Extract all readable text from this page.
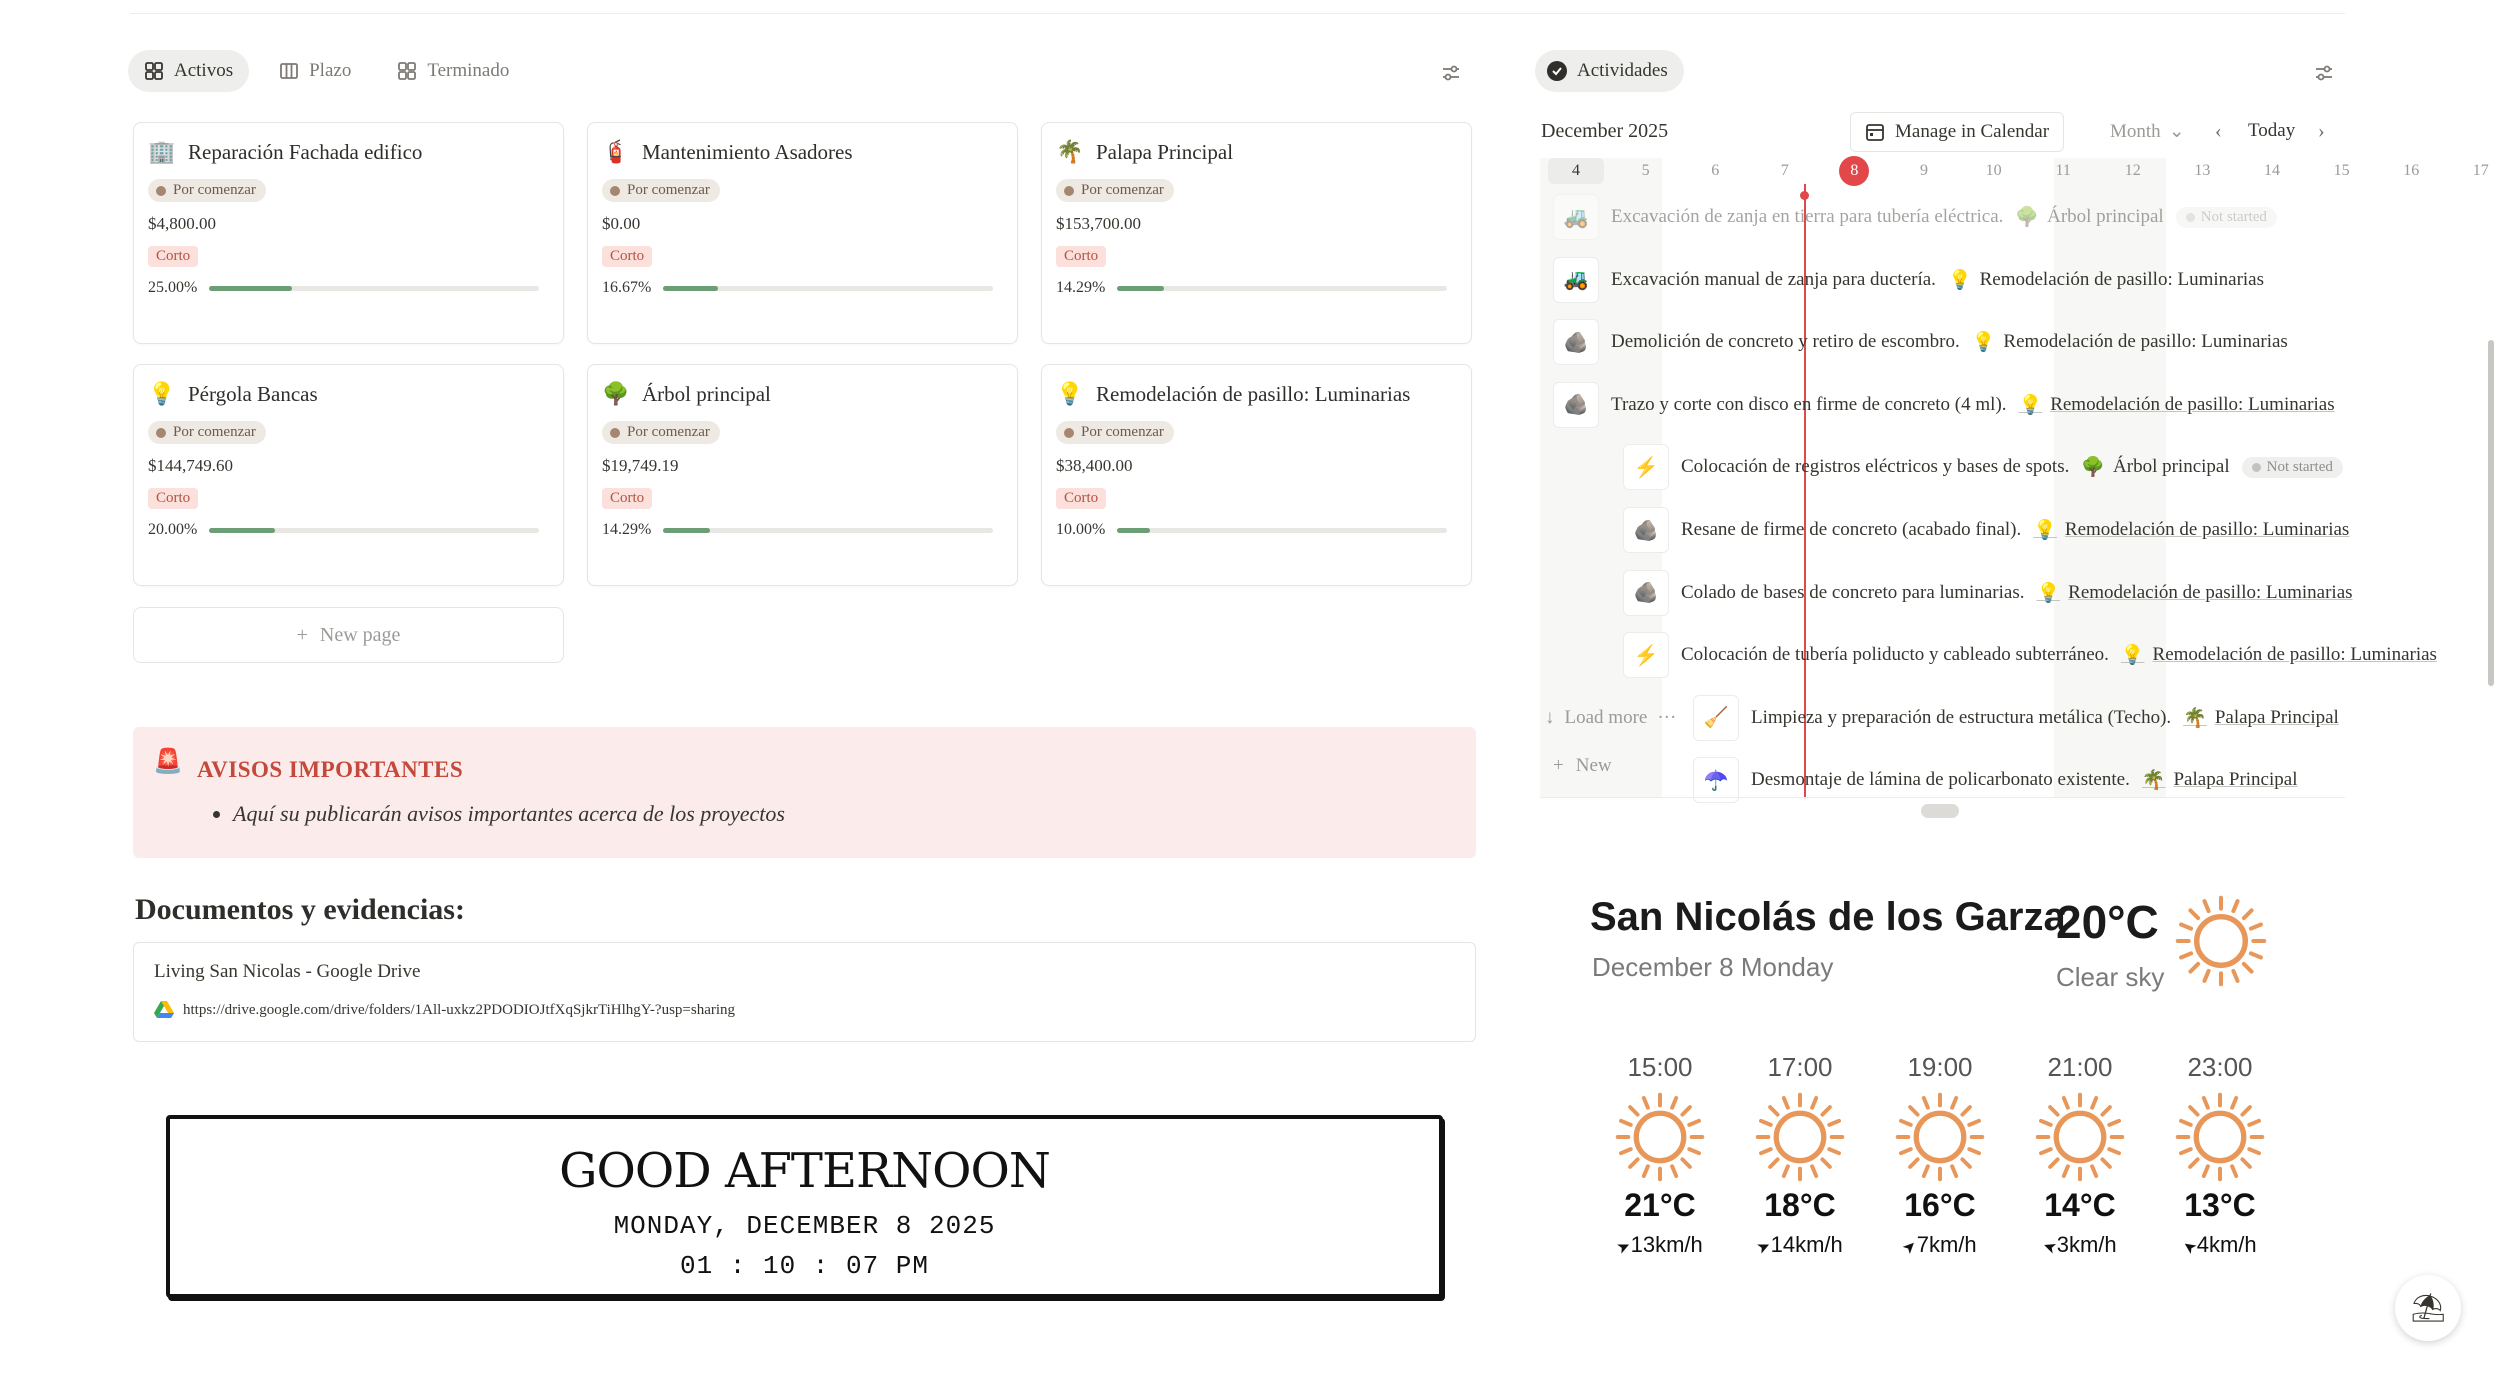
Activos	Plazo	Terminado
🏢 Reparación Fachada edifico
Por comenzar
$4,800.00
Corto
25.00%
🧯 Mantenimiento Asadores
Por comenzar
$0.00
Corto
16.67%
🌴 Palapa Principal
Por comenzar
$153,700.00
Corto
14.29%
💡 Pérgola Bancas
Por comenzar
$144,749.60
Corto
20.00%
🌳 Árbol principal
Por comenzar
$19,749.19
Corto
14.29%
💡 Remodelación de pasillo: Luminarias
Por comenzar
$38,400.00
Corto
10.00%
+ New page
🚨 AVISOS IMPORTANTES
• Aquí su publicarán avisos importantes acerca de los proyectos
Documentos y evidencias:
Living San Nicolas - Google Drive
https://drive.google.com/drive/folders/1All-uxkz2PDODIOJtfXqSjkrTiHlhgY-?usp=sharing
GOOD AFTERNOON
MONDAY, DECEMBER 8 2025
01 : 10 : 07 PM
Actividades
December 2025	Manage in Calendar	Month ⌄ ‹ Today ›
4	5	6	7	8	9	10	11	12	13	14	15	16	17
🚜	Excavación de zanja en tierra para tubería eléctrica. 🌳 Árbol principal Not started
🚜	Excavación manual de zanja para ductería. 💡 Remodelación de pasillo: Luminarias
🪨	Demolición de concreto y retiro de escombro. 💡 Remodelación de pasillo: Luminarias
🪨	Trazo y corte con disco en firme de concreto (4 ml). 💡 Remodelación de pasillo: Luminarias
⚡	Colocación de registros eléctricos y bases de spots. 🌳 Árbol principal Not started
🪨	Resane de firme de concreto (acabado final). 💡 Remodelación de pasillo: Luminarias
🪨	Colado de bases de concreto para luminarias. 💡 Remodelación de pasillo: Luminarias
⚡	Colocación de tubería poliducto y cableado subterráneo. 💡 Remodelación de pasillo: Luminarias
🧹	Limpieza y preparación de estructura metálica (Techo). 🌴 Palapa Principal
☂️	Desmontaje de lámina de policarbonato existente. 🌴 Palapa Principal
↓ Load more ···
+ New
San Nicolás de los Garza
December 8 Monday
20°C
Clear sky
15:00
21°C
➤13km/h
17:00
18°C
➤14km/h
19:00
16°C
➤7km/h
21:00
14°C
➤3km/h
23:00
13°C
➤4km/h
⛱
